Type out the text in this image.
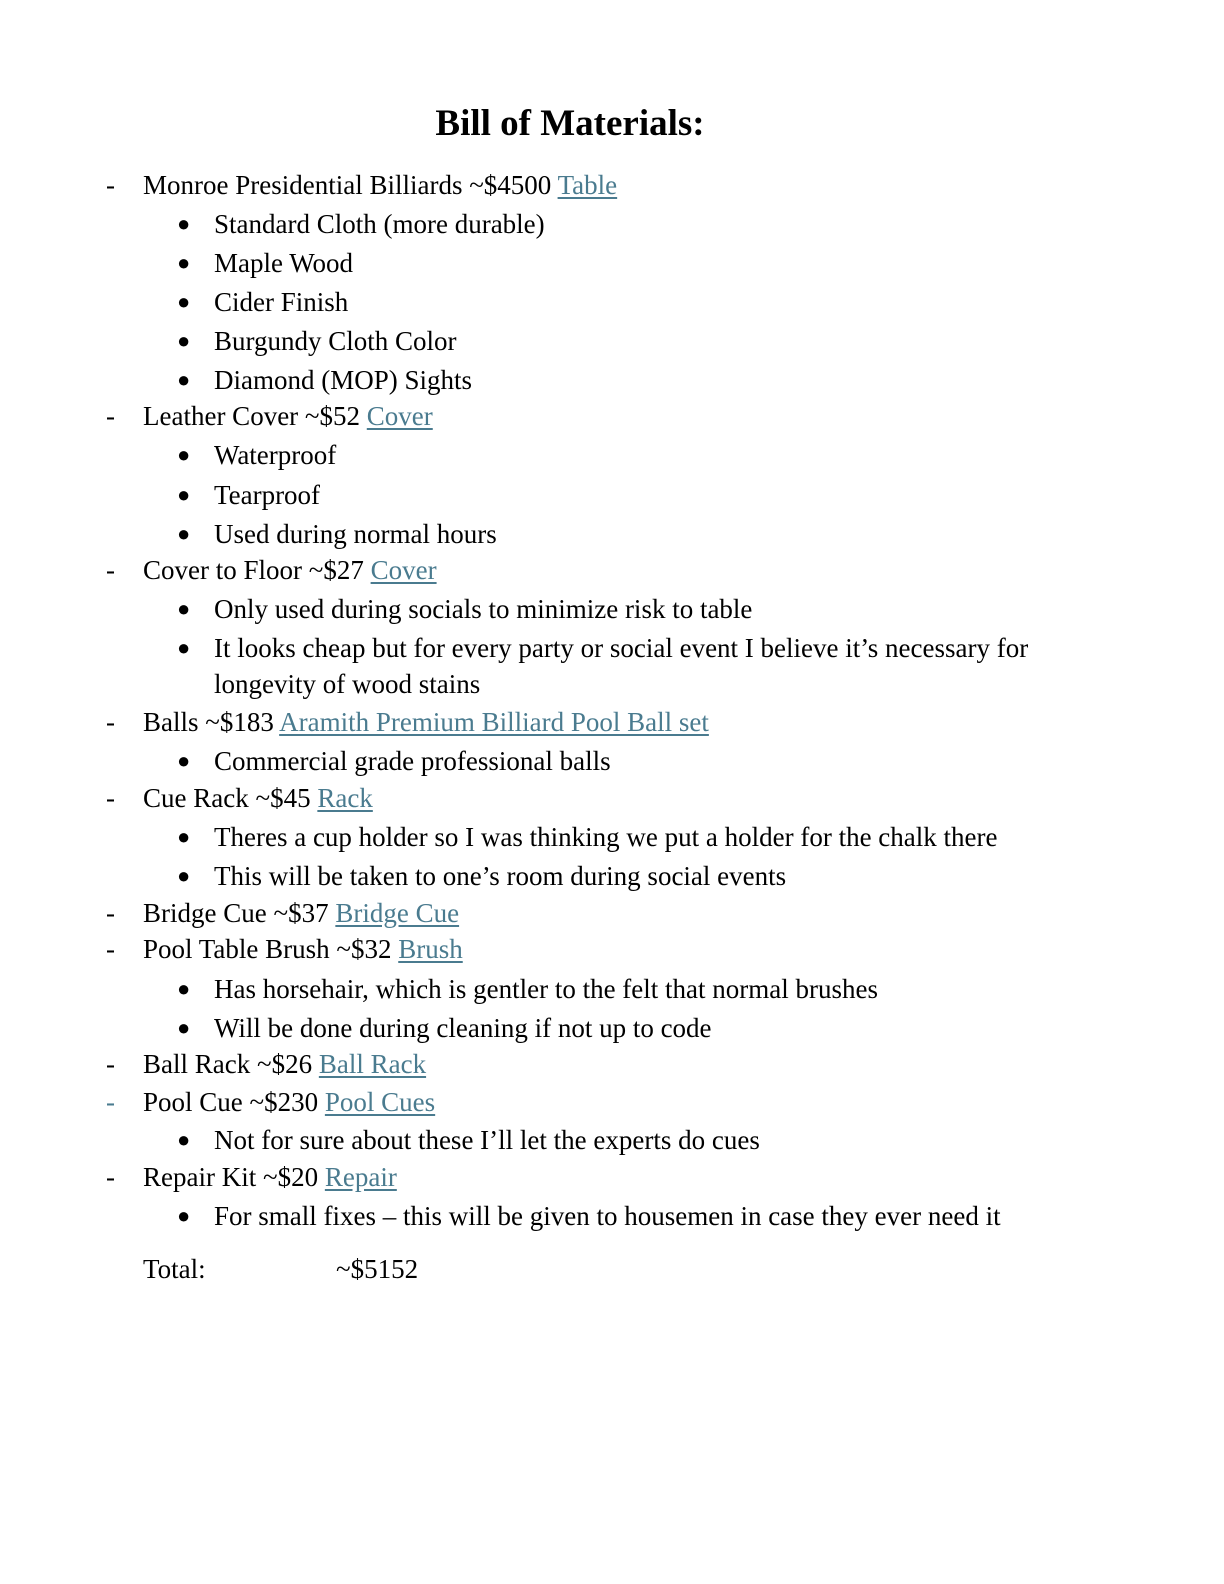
Bill of Materials:
-	Monroe Presidential Billiards ~$4500 Table
● Standard Cloth (more durable)
● Maple Wood
● Cider Finish
● Burgundy Cloth Color
● Diamond (MOP) Sights
-	Leather Cover ~$52 Cover
● Waterproof
● Tearproof
● Used during normal hours
-	Cover to Floor ~$27 Cover
● Only used during socials to minimize risk to table
● It looks cheap but for every party or social event I believe it’s necessary for longevity of wood stains
-	Balls ~$183 Aramith Premium Billiard Pool Ball set
● Commercial grade professional balls
-	Cue Rack ~$45 Rack
● Theres a cup holder so I was thinking we put a holder for the chalk there
● This will be taken to one’s room during social events
-	Bridge Cue ~$37 Bridge Cue
-	Pool Table Brush ~$32 Brush
● Has horsehair, which is gentler to the felt that normal brushes
● Will be done during cleaning if not up to code
-	Ball Rack ~$26 Ball Rack
-	Pool Cue ~$230 Pool Cues
● Not for sure about these I’ll let the experts do cues
-	Repair Kit ~$20 Repair
● For small fixes – this will be given to housemen in case they ever need it
Total:	~$5152
